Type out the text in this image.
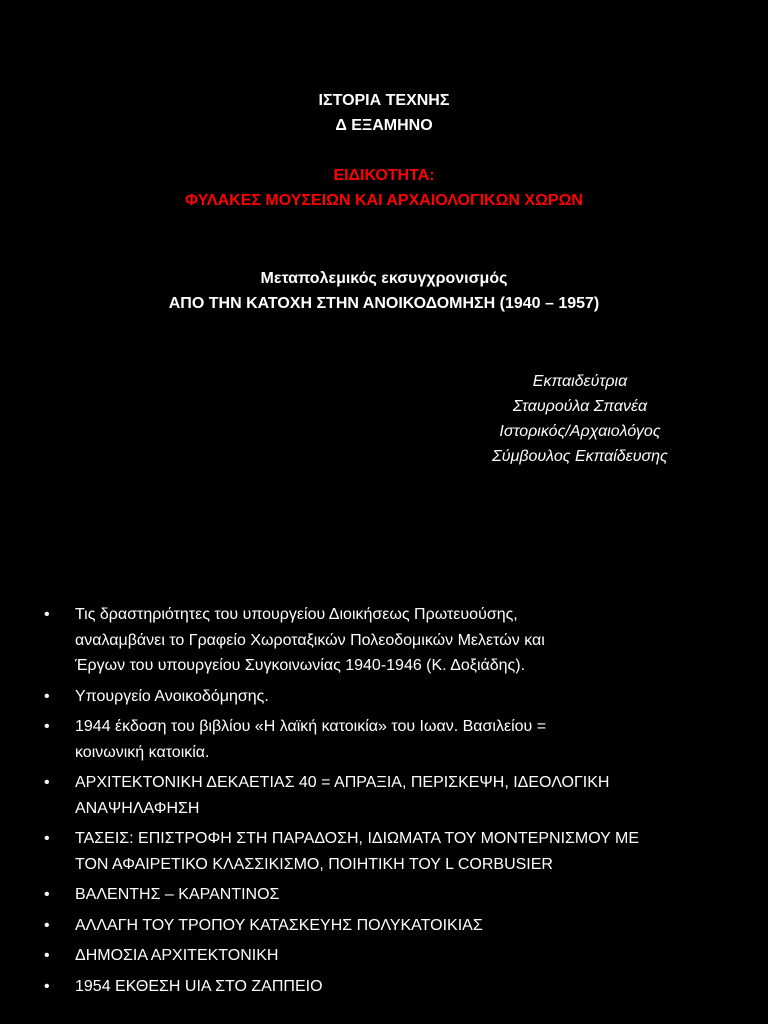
ΙΣΤΟΡΙΑ ΤΕΧΝΗΣ
Δ ΕΞΑΜΗΝΟ
ΕΙΔΙΚΟΤΗΤΑ:
ΦΥΛΑΚΕΣ ΜΟΥΣΕΙΩΝ ΚΑΙ ΑΡΧΑΙΟΛΟΓΙΚΩΝ ΧΩΡΩΝ
Μεταπολεμικός εκσυγχρονισμός
ΑΠΟ ΤΗΝ ΚΑΤΟΧΗ ΣΤΗΝ ΑΝΟΙΚΟΔΟΜΗΣΗ (1940 – 1957)
Εκπαιδεύτρια
Σταυρούλα Σπανέα
Ιστορικός/Αρχαιολόγος
Σύμβουλος Εκπαίδευσης
• Τις δραστηριότητες του υπουργείου Διοικήσεως Πρωτευούσης,
αναλαμβάνει το Γραφείο Χωροταξικών Πολεοδομικών Μελετών και
Έργων του υπουργείου Συγκοινωνίας 1940-1946 (Κ. Δοξιάδης).
• Υπουργείο Ανοικοδόμησης.
• 1944 έκδοση του βιβλίου «Η λαϊκή κατοικία» του Ιωαν. Βασιλείου =
κοινωνική κατοικία.
• ΑΡΧΙΤΕΚΤΟΝΙΚΗ ΔΕΚΑΕΤΙΑΣ 40 = ΑΠΡΑΞΙΑ, ΠΕΡΙΣΚΕΨΗ, ΙΔΕΟΛΟΓΙΚΗ
ΑΝΑΨΗΛΑΦΗΣΗ
• ΤΑΣΕΙΣ: ΕΠΙΣΤΡΟΦΗ ΣΤΗ ΠΑΡΑΔΟΣΗ, ΙΔΙΩΜΑΤΑ ΤΟΥ ΜΟΝΤΕΡΝΙΣΜΟΥ ΜΕ
ΤΟΝ ΑΦΑΙΡΕΤΙΚΟ ΚΛΑΣΣΙΚΙΣΜΟ, ΠΟΙΗΤΙΚΗ ΤΟΥ L CORBUSIER
• ΒΑΛΕΝΤΗΣ – ΚΑΡΑΝΤΙΝΟΣ
• ΑΛΛΑΓΗ ΤΟΥ ΤΡΟΠΟΥ ΚΑΤΑΣΚΕΥΗΣ ΠΟΛΥΚΑΤΟΙΚΙΑΣ
• ΔΗΜΟΣΙΑ ΑΡΧΙΤΕΚΤΟΝΙΚΗ
• 1954 ΕΚΘΕΣΗ UIA ΣΤΟ ΖΑΠΠΕΙΟ
